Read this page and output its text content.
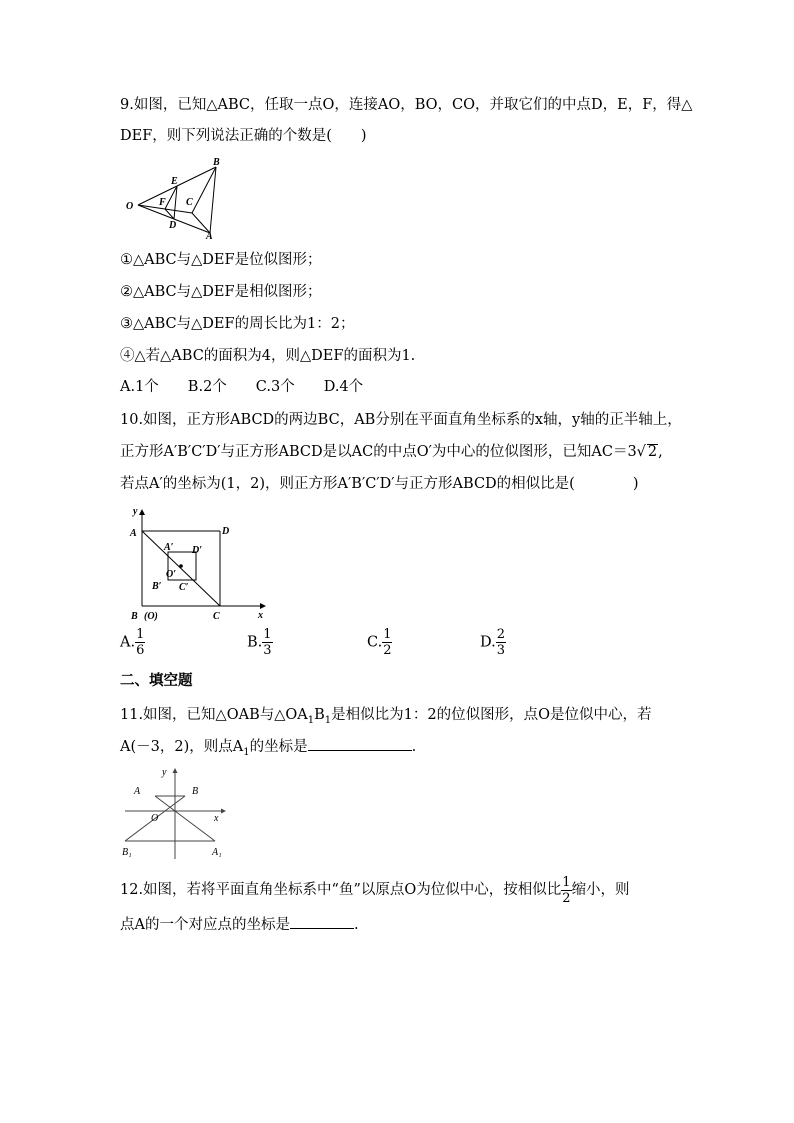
9.如图，已知△ABC，任取一点O，连接AO，BO，CO，并取它们的中点D，E，F，得△
DEF，则下列说法正确的个数是(　　)
O
E
B
F C
D
A
①△ABC与△DEF是位似图形；
②△ABC与△DEF是相似图形；
③△ABC与△DEF的周长比为1：2；
④△若△ABC的面积为4，则△DEF的面积为1.
A.1个　　B.2个　　C.3个　　D.4个
10.如图，正方形ABCD的两边BC，AB分别在平面直角坐标系的x轴，y轴的正半轴上，
正方形A′B′C′D′与正方形ABCD是以AC的中点O′为中心的位似图形，已知AC＝3√ 2,
若点A′的坐标为(1，2)，则正方形A′B′C′D′与正方形ABCD的相似比是(　　　　)
y
A	D
A′ D′
O′
B′ C′
B (O)	C	x
A. $\frac{1}{6}$	B. $\frac{1}{3}$	C. $\frac{1}{2}$	D. $\frac{2}{3}$
二、填空题
11.如图，已知△OAB与$\triangle OA_1B_1$是相似比为1：2的位似图形，点O是位似中心，若
A(－3，2)，则点$A_1$的坐标是	.
y
A	B
O	x
B₁	A₁
12.如图，若将平面直角坐标系中“鱼”以原点O为位似中心，按相似比 $\frac{1}{2}$ 缩小，则
点A的一个对应点的坐标是	.
